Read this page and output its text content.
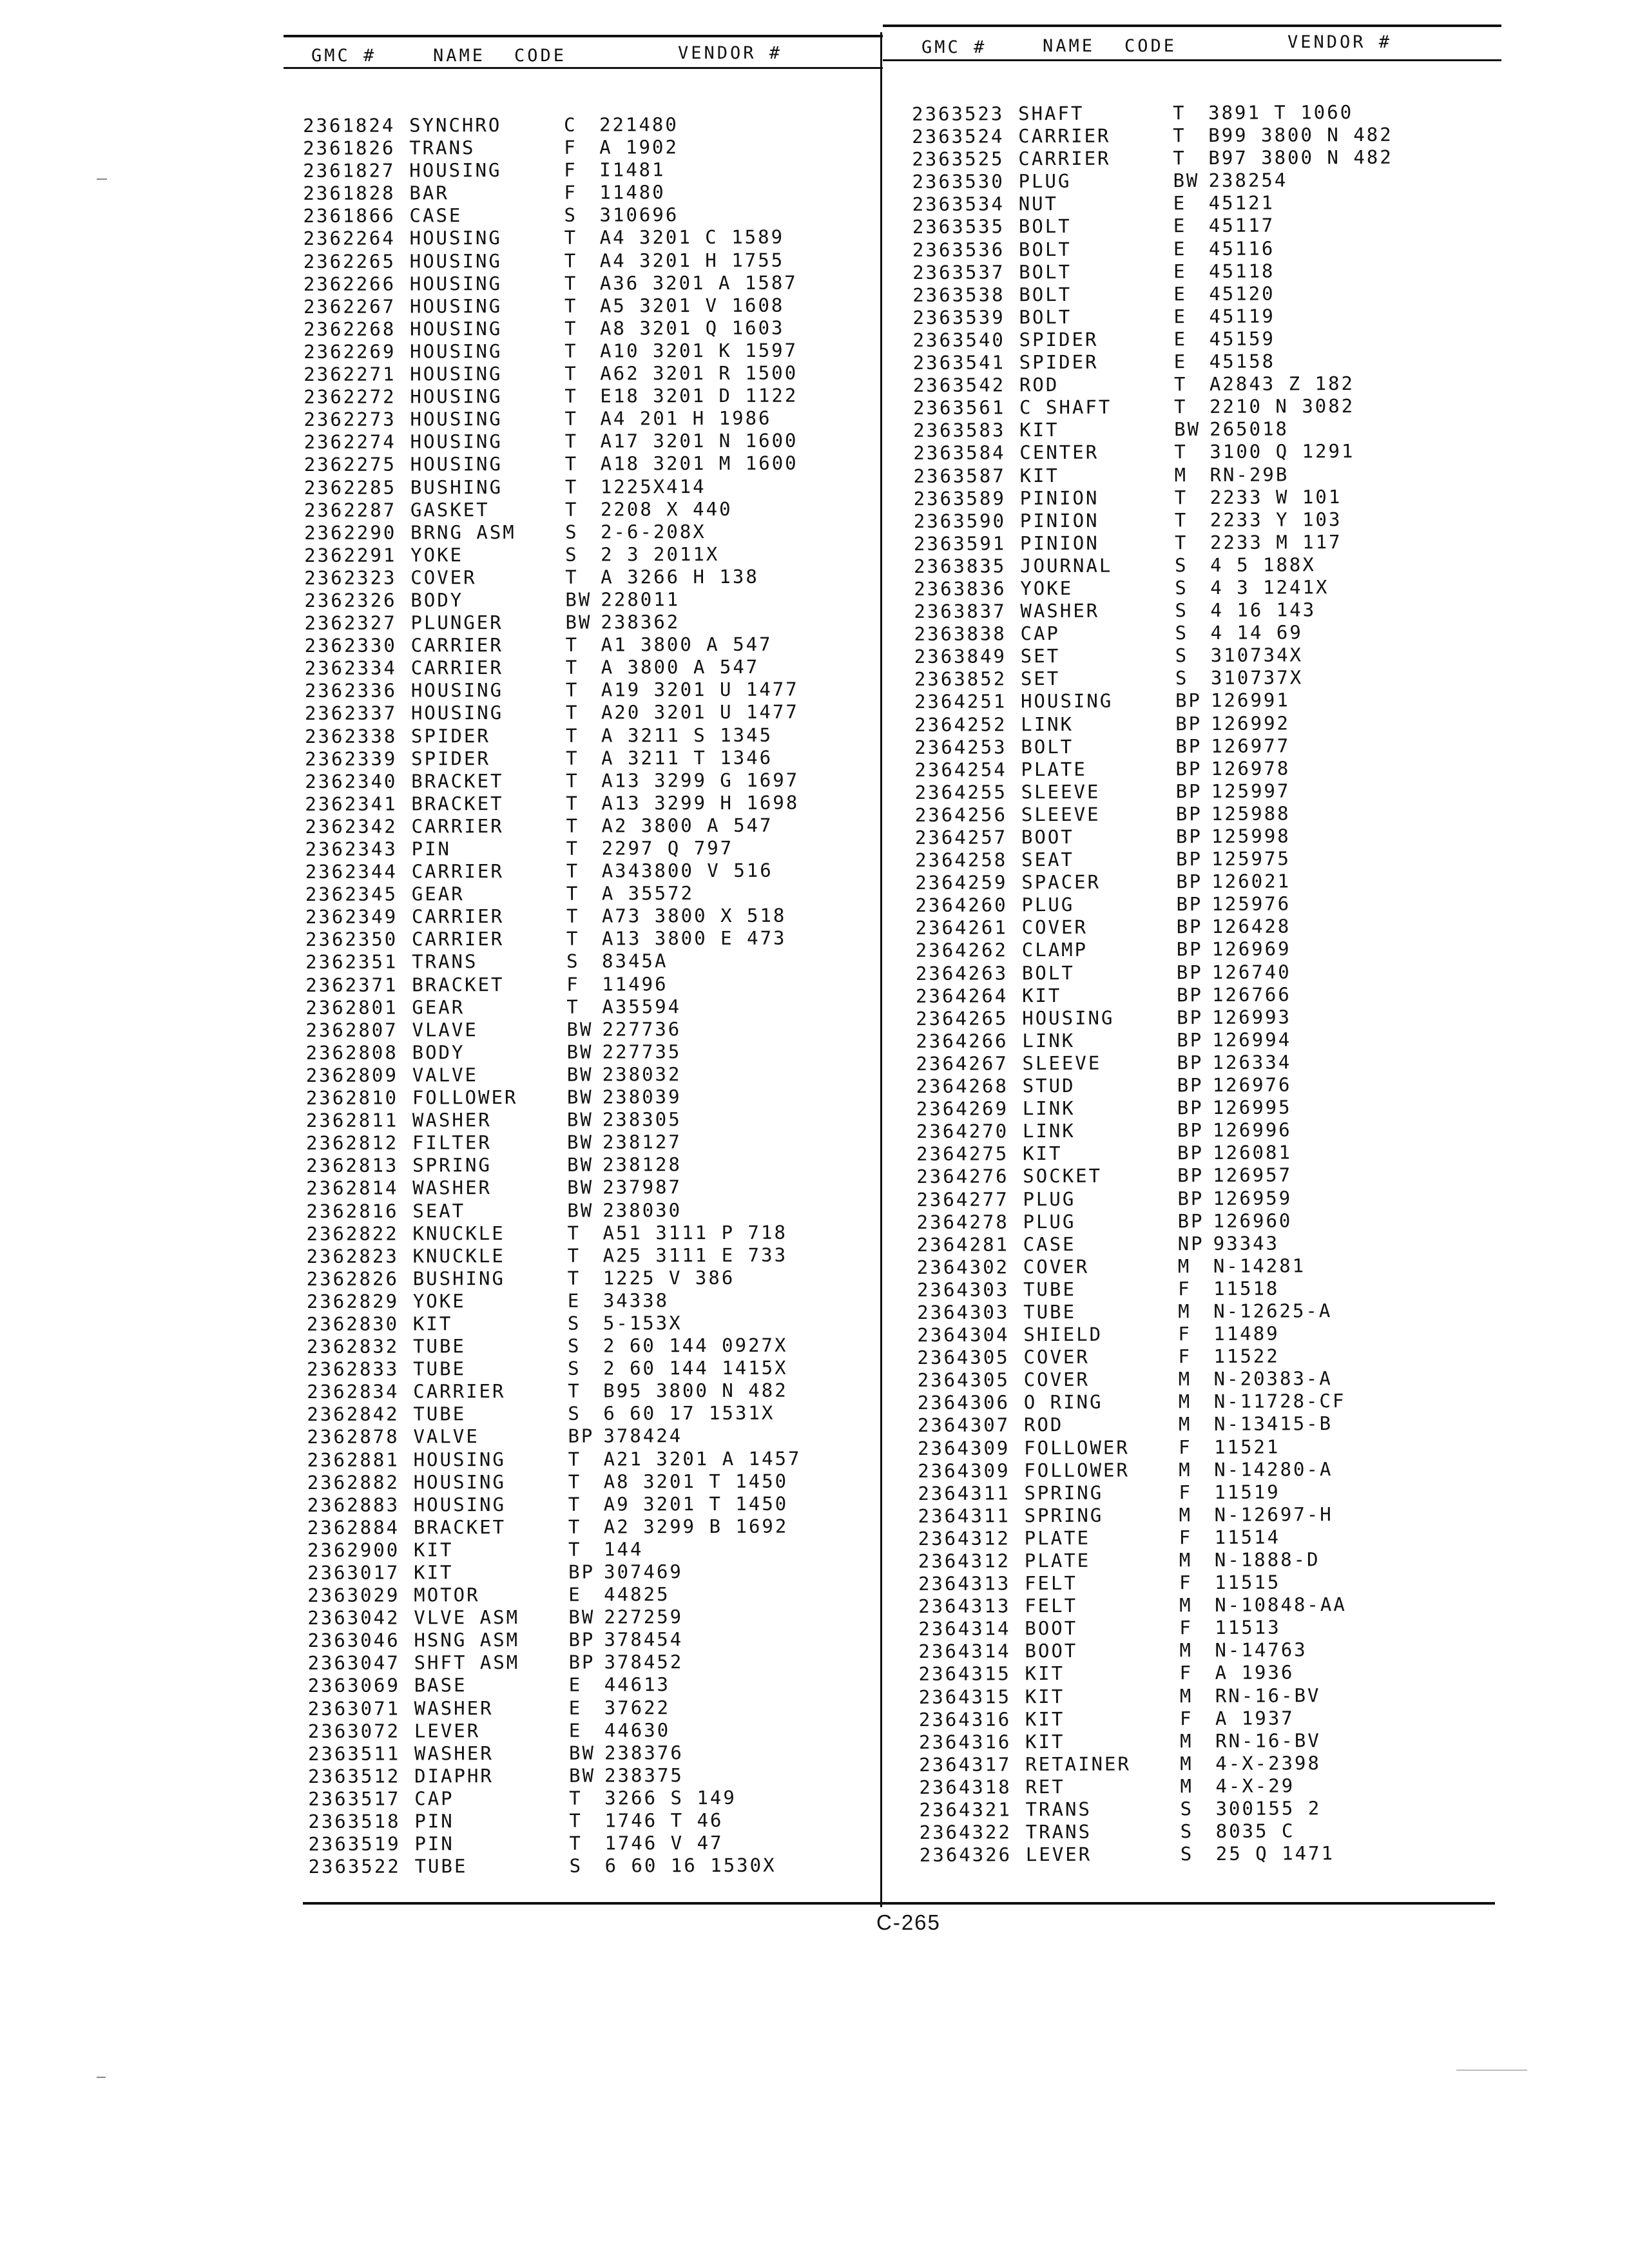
GMC #	NAME CODE	VENDOR #	GMC #	NAME CODE	VENDOR #
2361824 SYNCHRO	C 221480
2361826 TRANS	F A 1902
2361827 HOUSING	F I1481
2361828 BAR	F 11480
2361866 CASE	S 310696
2362264 HOUSING	T A4 3201 C 1589
2362265 HOUSING	T A4 3201 H 1755
2362266 HOUSING	T A36 3201 A 1587
2362267 HOUSING	T A5 3201 V 1608
2362268 HOUSING	T A8 3201 Q 1603
2362269 HOUSING	T A10 3201 K 1597
2362271 HOUSING	T A62 3201 R 1500
2362272 HOUSING	T E18 3201 D 1122
2362273 HOUSING	T A4 201 H 1986
2362274 HOUSING	T A17 3201 N 1600
2362275 HOUSING	T A18 3201 M 1600
2362285 BUSHING	T 1225X414
2362287 GASKET	T 2208 X 440
2362290 BRNG ASM	S 2-6-208X
2362291 YOKE	S 2 3 2011X
2362323 COVER	T A 3266 H 138
2362326 BODY	BW 228011
2362327 PLUNGER	BW 238362
2362330 CARRIER	T A1 3800 A 547
2362334 CARRIER	T A 3800 A 547
2362336 HOUSING	T A19 3201 U 1477
2362337 HOUSING	T A20 3201 U 1477
2362338 SPIDER	T A 3211 S 1345
2362339 SPIDER	T A 3211 T 1346
2362340 BRACKET	T A13 3299 G 1697
2362341 BRACKET	T A13 3299 H 1698
2362342 CARRIER	T A2 3800 A 547
2362343 PIN	T 2297 Q 797
2362344 CARRIER	T A343800 V 516
2362345 GEAR	T A 35572
2362349 CARRIER	T A73 3800 X 518
2362350 CARRIER	T A13 3800 E 473
2362351 TRANS	S 8345A
2362371 BRACKET	F 11496
2362801 GEAR	T A35594
2362807 VLAVE	BW 227736
2362808 BODY	BW 227735
2362809 VALVE	BW 238032
2362810 FOLLOWER	BW 238039
2362811 WASHER	BW 238305
2362812 FILTER	BW 238127
2362813 SPRING	BW 238128
2362814 WASHER	BW 237987
2362816 SEAT	BW 238030
2362822 KNUCKLE	T A51 3111 P 718
2362823 KNUCKLE	T A25 3111 E 733
2362826 BUSHING	T 1225 V 386
2362829 YOKE	E 34338
2362830 KIT	S 5-153X
2362832 TUBE	S 2 60 144 0927X
2362833 TUBE	S 2 60 144 1415X
2362834 CARRIER	T B95 3800 N 482
2362842 TUBE	S 6 60 17 1531X
2362878 VALVE	BP 378424
2362881 HOUSING	T A21 3201 A 1457
2362882 HOUSING	T A8 3201 T 1450
2362883 HOUSING	T A9 3201 T 1450
2362884 BRACKET	T A2 3299 B 1692
2362900 KIT	T 144
2363017 KIT	BP 307469
2363029 MOTOR	E 44825
2363042 VLVE ASM	BW 227259
2363046 HSNG ASM	BP 378454
2363047 SHFT ASM	BP 378452
2363069 BASE	E 44613
2363071 WASHER	E 37622
2363072 LEVER	E 44630
2363511 WASHER	BW 238376
2363512 DIAPHR	BW 238375
2363517 CAP	T 3266 S 149
2363518 PIN	T 1746 T 46
2363519 PIN	T 1746 V 47
2363522 TUBE	S 6 60 16 1530X
2363523 SHAFT	T 3891 T 1060
2363524 CARRIER	T B99 3800 N 482
2363525 CARRIER	T B97 3800 N 482
2363530 PLUG	BW 238254
2363534 NUT	E 45121
2363535 BOLT	E 45117
2363536 BOLT	E 45116
2363537 BOLT	E 45118
2363538 BOLT	E 45120
2363539 BOLT	E 45119
2363540 SPIDER	E 45159
2363541 SPIDER	E 45158
2363542 ROD	T A2843 Z 182
2363561 C SHAFT	T 2210 N 3082
2363583 KIT	BW 265018
2363584 CENTER	T 3100 Q 1291
2363587 KIT	M RN-29B
2363589 PINION	T 2233 W 101
2363590 PINION	T 2233 Y 103
2363591 PINION	T 2233 M 117
2363835 JOURNAL	S 4 5 188X
2363836 YOKE	S 4 3 1241X
2363837 WASHER	S 4 16 143
2363838 CAP	S 4 14 69
2363849 SET	S 310734X
2363852 SET	S 310737X
2364251 HOUSING	BP 126991
2364252 LINK	BP 126992
2364253 BOLT	BP 126977
2364254 PLATE	BP 126978
2364255 SLEEVE	BP 125997
2364256 SLEEVE	BP 125988
2364257 BOOT	BP 125998
2364258 SEAT	BP 125975
2364259 SPACER	BP 126021
2364260 PLUG	BP 125976
2364261 COVER	BP 126428
2364262 CLAMP	BP 126969
2364263 BOLT	BP 126740
2364264 KIT	BP 126766
2364265 HOUSING	BP 126993
2364266 LINK	BP 126994
2364267 SLEEVE	BP 126334
2364268 STUD	BP 126976
2364269 LINK	BP 126995
2364270 LINK	BP 126996
2364275 KIT	BP 126081
2364276 SOCKET	BP 126957
2364277 PLUG	BP 126959
2364278 PLUG	BP 126960
2364281 CASE	NP 93343
2364302 COVER	M N-14281
2364303 TUBE	F 11518
2364303 TUBE	M N-12625-A
2364304 SHIELD	F 11489
2364305 COVER	F 11522
2364305 COVER	M N-20383-A
2364306 O RING	M N-11728-CF
2364307 ROD	M N-13415-B
2364309 FOLLOWER	F 11521
2364309 FOLLOWER	M N-14280-A
2364311 SPRING	F 11519
2364311 SPRING	M N-12697-H
2364312 PLATE	F 11514
2364312 PLATE	M N-1888-D
2364313 FELT	F 11515
2364313 FELT	M N-10848-AA
2364314 BOOT	F 11513
2364314 BOOT	M N-14763
2364315 KIT	F A 1936
2364315 KIT	M RN-16-BV
2364316 KIT	F A 1937
2364316 KIT	M RN-16-BV
2364317 RETAINER	M 4-X-2398
2364318 RET	M 4-X-29
2364321 TRANS	S 300155 2
2364322 TRANS	S 8035 C
2364326 LEVER	S 25 Q 1471
C-265
